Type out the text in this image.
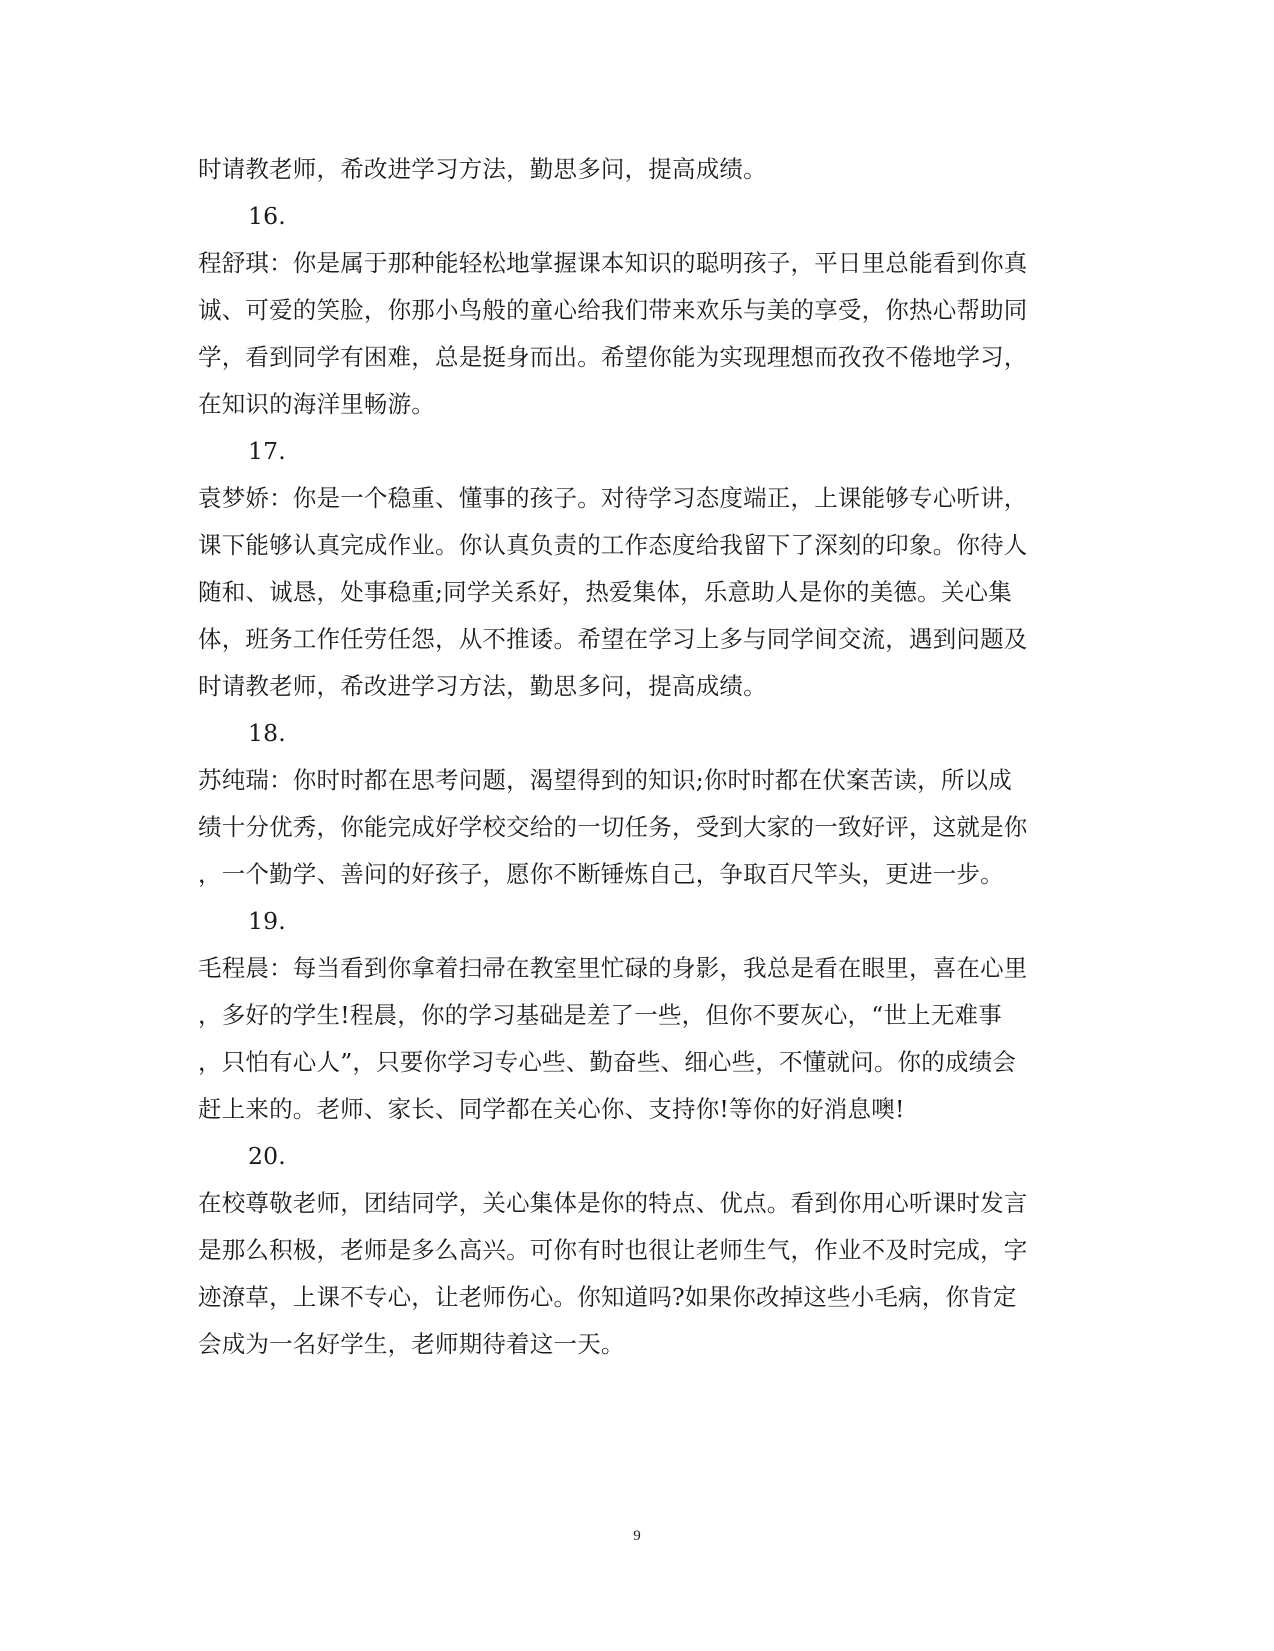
时请教老师，希改进学习方法，勤思多问，提高成绩。
16.
程舒琪：你是属于那种能轻松地掌握课本知识的聪明孩子，平日里总能看到你真
诚、可爱的笑脸，你那小鸟般的童心给我们带来欢乐与美的享受，你热心帮助同
学，看到同学有困难，总是挺身而出。希望你能为实现理想而孜孜不倦地学习，
在知识的海洋里畅游。
17.
袁梦娇：你是一个稳重、懂事的孩子。对待学习态度端正，上课能够专心听讲，
课下能够认真完成作业。你认真负责的工作态度给我留下了深刻的印象。你待人
随和、诚恳，处事稳重;同学关系好，热爱集体，乐意助人是你的美德。关心集
体，班务工作任劳任怨，从不推诿。希望在学习上多与同学间交流，遇到问题及
时请教老师，希改进学习方法，勤思多问，提高成绩。
18.
苏纯瑞：你时时都在思考问题，渴望得到的知识;你时时都在伏案苦读，所以成
绩十分优秀，你能完成好学校交给的一切任务，受到大家的一致好评，这就是你
，一个勤学、善问的好孩子，愿你不断锤炼自己，争取百尺竿头，更进一步。
19.
毛程晨：每当看到你拿着扫帚在教室里忙碌的身影，我总是看在眼里，喜在心里
，多好的学生!程晨，你的学习基础是差了一些，但你不要灰心，“世上无难事
，只怕有心人”，只要你学习专心些、勤奋些、细心些，不懂就问。你的成绩会
赶上来的。老师、家长、同学都在关心你、支持你!等你的好消息噢!
20.
在校尊敬老师，团结同学，关心集体是你的特点、优点。看到你用心听课时发言
是那么积极，老师是多么高兴。可你有时也很让老师生气，作业不及时完成，字
迹潦草，上课不专心，让老师伤心。你知道吗?如果你改掉这些小毛病，你肯定
会成为一名好学生，老师期待着这一天。
9
